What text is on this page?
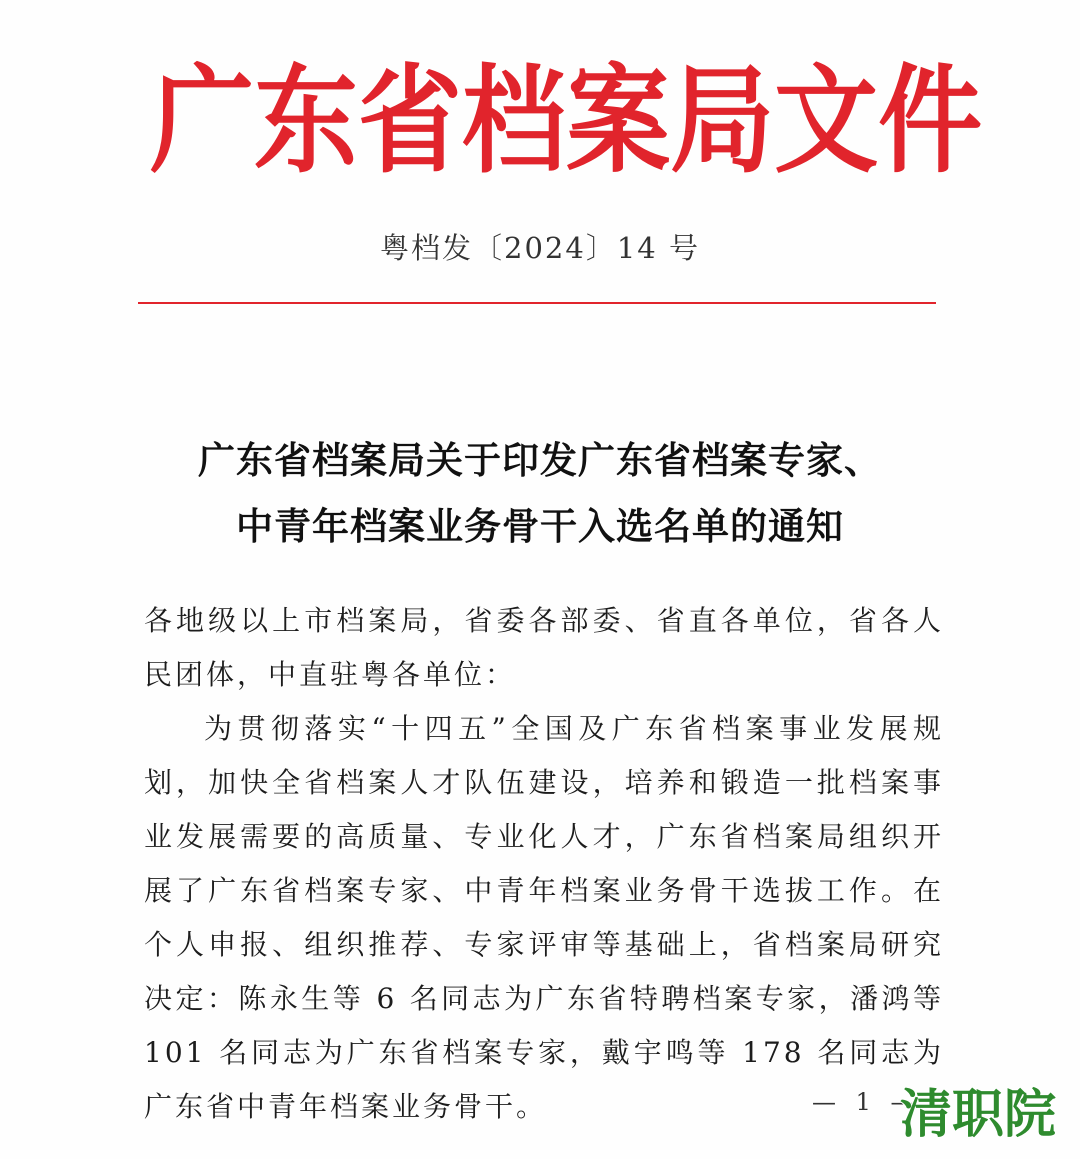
广 东 省 档 案 局 文 件
粤档发〔2024〕14 号
广东省档案局关于印发广东省档案专家、
中青年档案业务骨干入选名单的通知

各地级以上市档案局，省委各部委、省直各单位，省各人民团体，中直驻粤各单位：

为贯彻落实“十四五”全国及广东省档案事业发展规划，加快全省档案人才队伍建设，培养和锻造一批档案事业发展需要的高质量、专业化人才，广东省档案局组织开展了广东省档案专家、中青年档案业务骨干选拔工作。在个人申报、组织推荐、专家评审等基础上，省档案局研究决定：陈永生等 6 名同志为广东省特聘档案专家，潘鸿等 101 名同志为广东省档案专家，戴宇鸣等 178 名同志为广东省中青年档案业务骨干。	— 1 —
清职院
